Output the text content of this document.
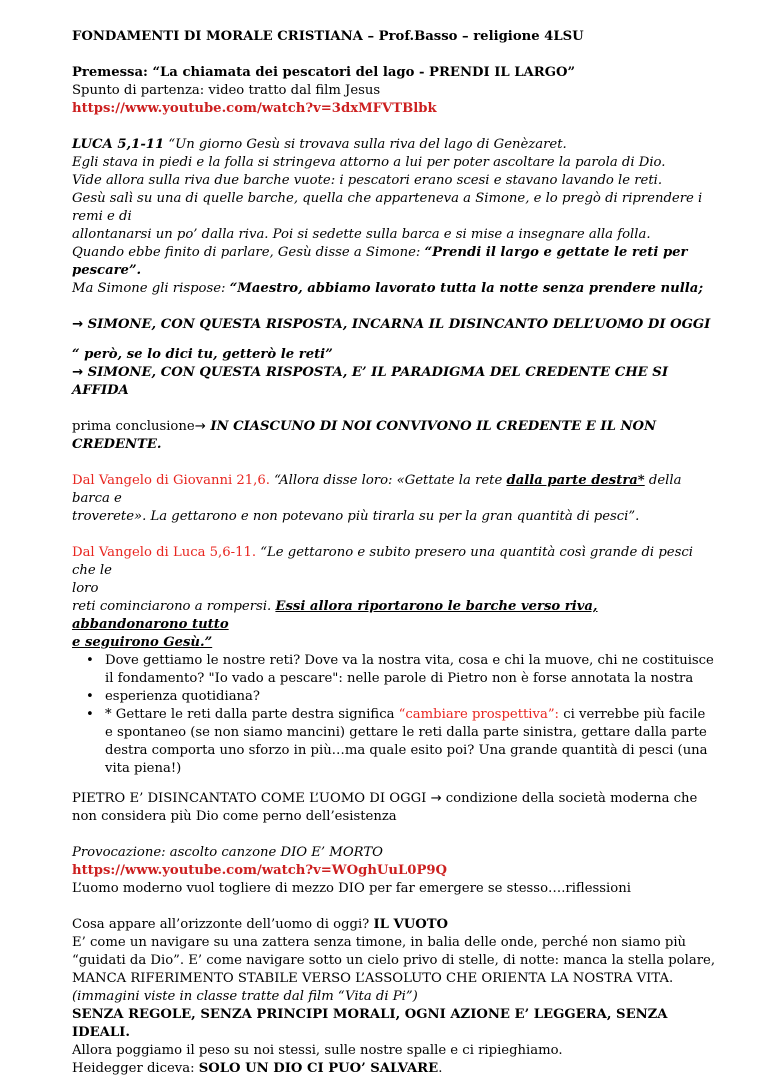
FONDAMENTI DI MORALE CRISTIANA – Prof.Basso – religione 4LSU

Premessa: “La chiamata dei pescatori del lago - PRENDI IL LARGO”

Spunto di partenza: video tratto dal film Jesus

https://www.youtube.com/watch?v=3dxMFVTBlbk

LUCA 5,1-11 “Un giorno Gesù si trovava sulla riva del lago di Genèzaret.

Egli stava in piedi e la folla si stringeva attorno a lui per poter ascoltare la parola di Dio.

Vide allora sulla riva due barche vuote: i pescatori erano scesi e stavano lavando le reti.

Gesù salì su una di quelle barche, quella che apparteneva a Simone, e lo pregò di riprendere i remi e di

allontanarsi un po’ dalla riva. Poi si sedette sulla barca e si mise a insegnare alla folla.

Quando ebbe finito di parlare, Gesù disse a Simone: “Prendi il largo e gettate le reti per pescare”.

Ma Simone gli rispose: “Maestro, abbiamo lavorato tutta la notte senza prendere nulla;

→ SIMONE, CON QUESTA RISPOSTA, INCARNA IL DISINCANTO DELL’UOMO DI OGGI

“ però, se lo dici tu, getterò le reti”

→ SIMONE, CON QUESTA RISPOSTA, E’ IL PARADIGMA DEL CREDENTE CHE SI AFFIDA

prima conclusione→ IN CIASCUNO DI NOI CONVIVONO IL CREDENTE E IL NON CREDENTE.

Dal Vangelo di Giovanni 21,6. “Allora disse loro: «Gettate la rete dalla parte destra* della barca e

troverete». La gettarono e non potevano più tirarla su per la gran quantità di pesci”.

Dal Vangelo di Luca 5,6-11. “Le gettarono e subito presero una quantità così grande di pesci che le

loro

reti cominciarono a rompersi. Essi allora riportarono le barche verso riva, abbandonarono tutto

e seguirono Gesù.”

• Dove gettiamo le nostre reti? Dove va la nostra vita, cosa e chi la muove, chi ne costituisce il fondamento? "Io vado a pescare": nelle parole di Pietro non è forse annotata la nostra
• esperienza quotidiana?
• * Gettare le reti dalla parte destra significa “cambiare prospettiva”: ci verrebbe più facile e spontaneo (se non siamo mancini) gettare le reti dalla parte sinistra, gettare dalla parte destra comporta uno sforzo in più…ma quale esito poi? Una grande quantità di pesci (una vita piena!)

PIETRO E’ DISINCANTATO COME L’UOMO DI OGGI → condizione della società moderna che non considera più Dio come perno dell’esistenza

Provocazione: ascolto canzone DIO E’ MORTO

https://www.youtube.com/watch?v=WOghUuL0P9Q

L’uomo moderno vuol togliere di mezzo DIO per far emergere se stesso….riflessioni

Cosa appare all’orizzonte dell’uomo di oggi? IL VUOTO

E’ come un navigare su una zattera senza timone, in balia delle onde, perché non siamo più “guidati da Dio”. E’ come navigare sotto un cielo privo di stelle, di notte: manca la stella polare,

MANCA RIFERIMENTO STABILE VERSO L’ASSOLUTO CHE ORIENTA LA NOSTRA VITA.

(immagini viste in classe tratte dal film “Vita di Pi”)

SENZA REGOLE, SENZA PRINCIPI MORALI, OGNI AZIONE E’ LEGGERA, SENZA IDEALI.

Allora poggiamo il peso su noi stessi, sulle nostre spalle e ci ripieghiamo.

Heidegger diceva: SOLO UN DIO CI PUO’ SALVARE.
